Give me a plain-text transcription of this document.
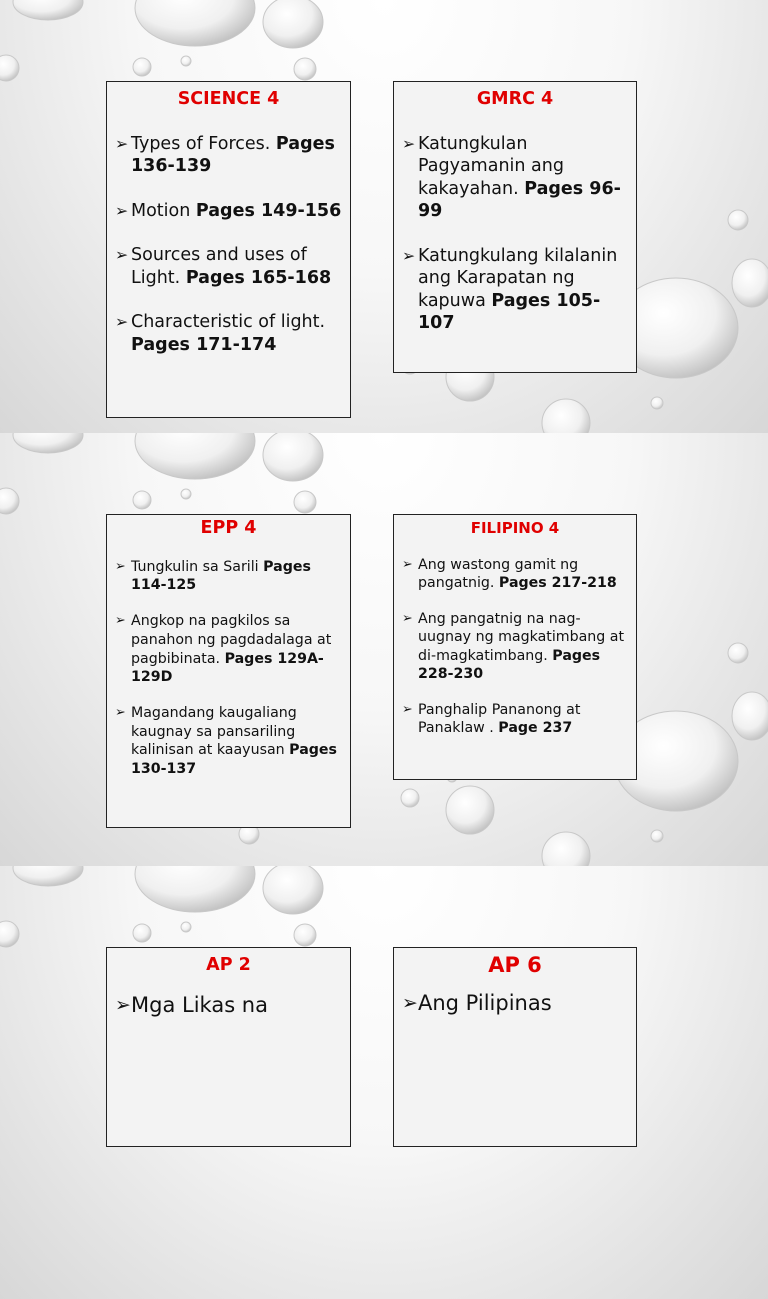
SCIENCE 4
➢ Types of Forces. Pages 136-139
➢ Motion Pages 149-156
➢ Sources and uses of Light. Pages 165-168
➢ Characteristic of light. Pages 171-174
GMRC 4
➢ Katungkulan Pagyamanin ang kakayahan. Pages 96-99
➢ Katungkulang kilalanin ang Karapatan ng kapuwa Pages 105-107
EPP 4
➢ Tungkulin sa Sarili Pages 114-125
➢ Angkop na pagkilos sa panahon ng pagdadalaga at pagbibinata. Pages 129A- 129D
➢ Magandang kaugaliang kaugnay sa pansariling kalinisan at kaayusan Pages 130-137
FILIPINO 4
➢ Ang wastong gamit ng pangatnig. Pages 217-218
➢ Ang pangatnig na nag-uugnay ng magkatimbang at di-magkatimbang. Pages 228-230
➢ Panghalip Pananong at Panaklaw . Page 237
AP 2
➢ Mga Likas na
AP 6
➢ Ang Pilipinas
